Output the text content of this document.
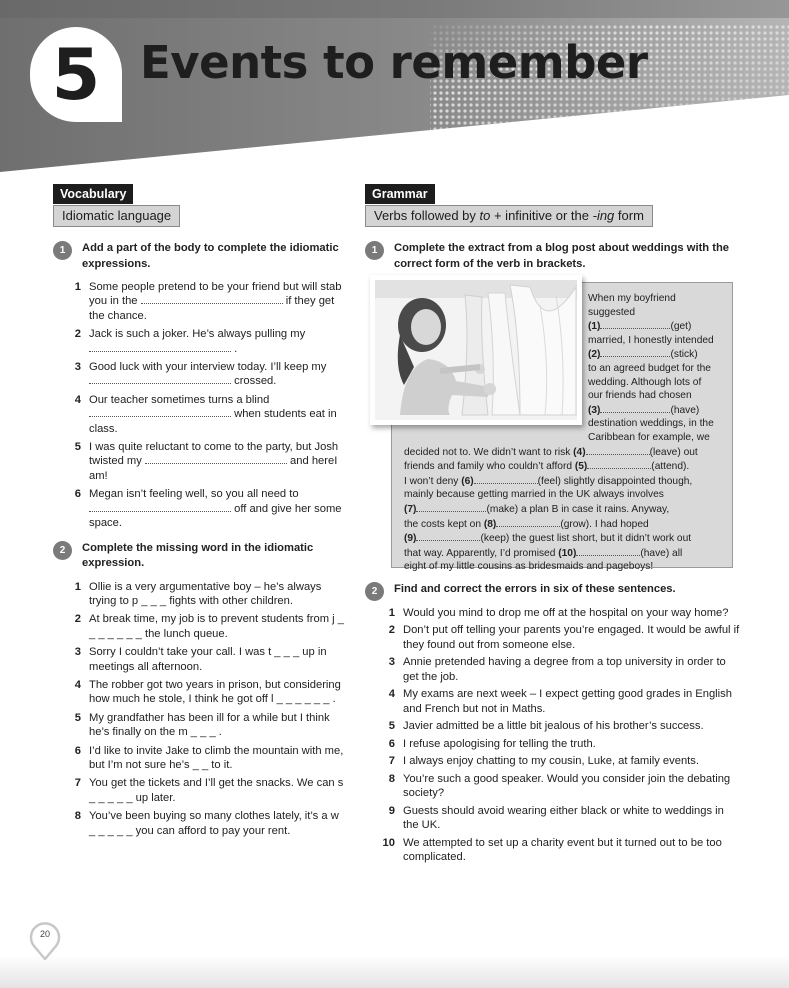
5 Events to remember
Vocabulary
Idiomatic language
1	Add a part of the body to complete the idiomatic expressions.

1 Some people pretend to be your friend but will stab you in the	if they get the chance.
2 Jack is such a joker. He’s always pulling my  .
3 Good luck with your interview today. I’ll keep my  crossed.
4 Our teacher sometimes turns a blind  when students eat in class.
5 I was quite reluctant to come to the party, but Josh twisted my	and hereI am!
6 Megan isn’t feeling well, so you all need to  off and give her some space.
2	Complete the missing word in the idiomatic expression.

1 Ollie is a very argumentative boy – he’s always trying to p _ _ _ fights with other children.
2 At break time, my job is to prevent students from j _ _ _ _ _ _ _ the lunch queue.
3 Sorry I couldn’t take your call. I was t _ _ _ up in meetings all afternoon.
4 The robber got two years in prison, but considering how much he stole, I think he got off l _ _ _ _ _ _ .
5 My grandfather has been ill for a while but I think he’s finally on the m _ _ _ .
6 I’d like to invite Jake to climb the mountain with me, but I’m not sure he’s _ _ to it.
7 You get the tickets and I’ll get the snacks. We can s _ _ _ _ _ up later.
8 You’ve been buying so many clothes lately, it’s a w _ _ _ _ _ you can afford to pay your rent.
Grammar
Verbs followed by to + infinitive or the -ing form
1	Complete the extract from a blog post about weddings with the correct form of the verb in brackets.

When my boyfriend
suggested
(1)	(get)
married, I honestly intended
(2)	(stick)
to an agreed budget for the
wedding. Although lots of
our friends had chosen
(3)	(have)
destination weddings, in the
Caribbean for example, we
decided not to. We didn’t want to risk (4)	(leave) out
friends and family who couldn’t afford (5)	(attend).
I won’t deny (6)	(feel) slightly disappointed though,
mainly because getting married in the UK always involves
(7)	(make) a plan B in case it rains. Anyway,
the costs kept on (8)	(grow). I had hoped
(9)	(keep) the guest list short, but it didn’t work out
that way. Apparently, I’d promised (10)	(have) all
eight of my little cousins as bridesmaids and pageboys!
2	Find and correct the errors in six of these sentences.

1 Would you mind to drop me off at the hospital on your way home?
2 Don’t put off telling your parents you’re engaged. It would be awful if they found out from someone else.
3 Annie pretended having a degree from a top university in order to get the job.
4 My exams are next week – I expect getting good grades in English and French but not in Maths.
5 Javier admitted be a little bit jealous of his brother’s success.
6 I refuse apologising for telling the truth.
7 I always enjoy chatting to my cousin, Luke, at family events.
8 You’re such a good speaker. Would you consider join the debating society?
9 Guests should avoid wearing either black or white to weddings in the UK.
10 We attempted to set up a charity event but it turned out to be too complicated.
20
